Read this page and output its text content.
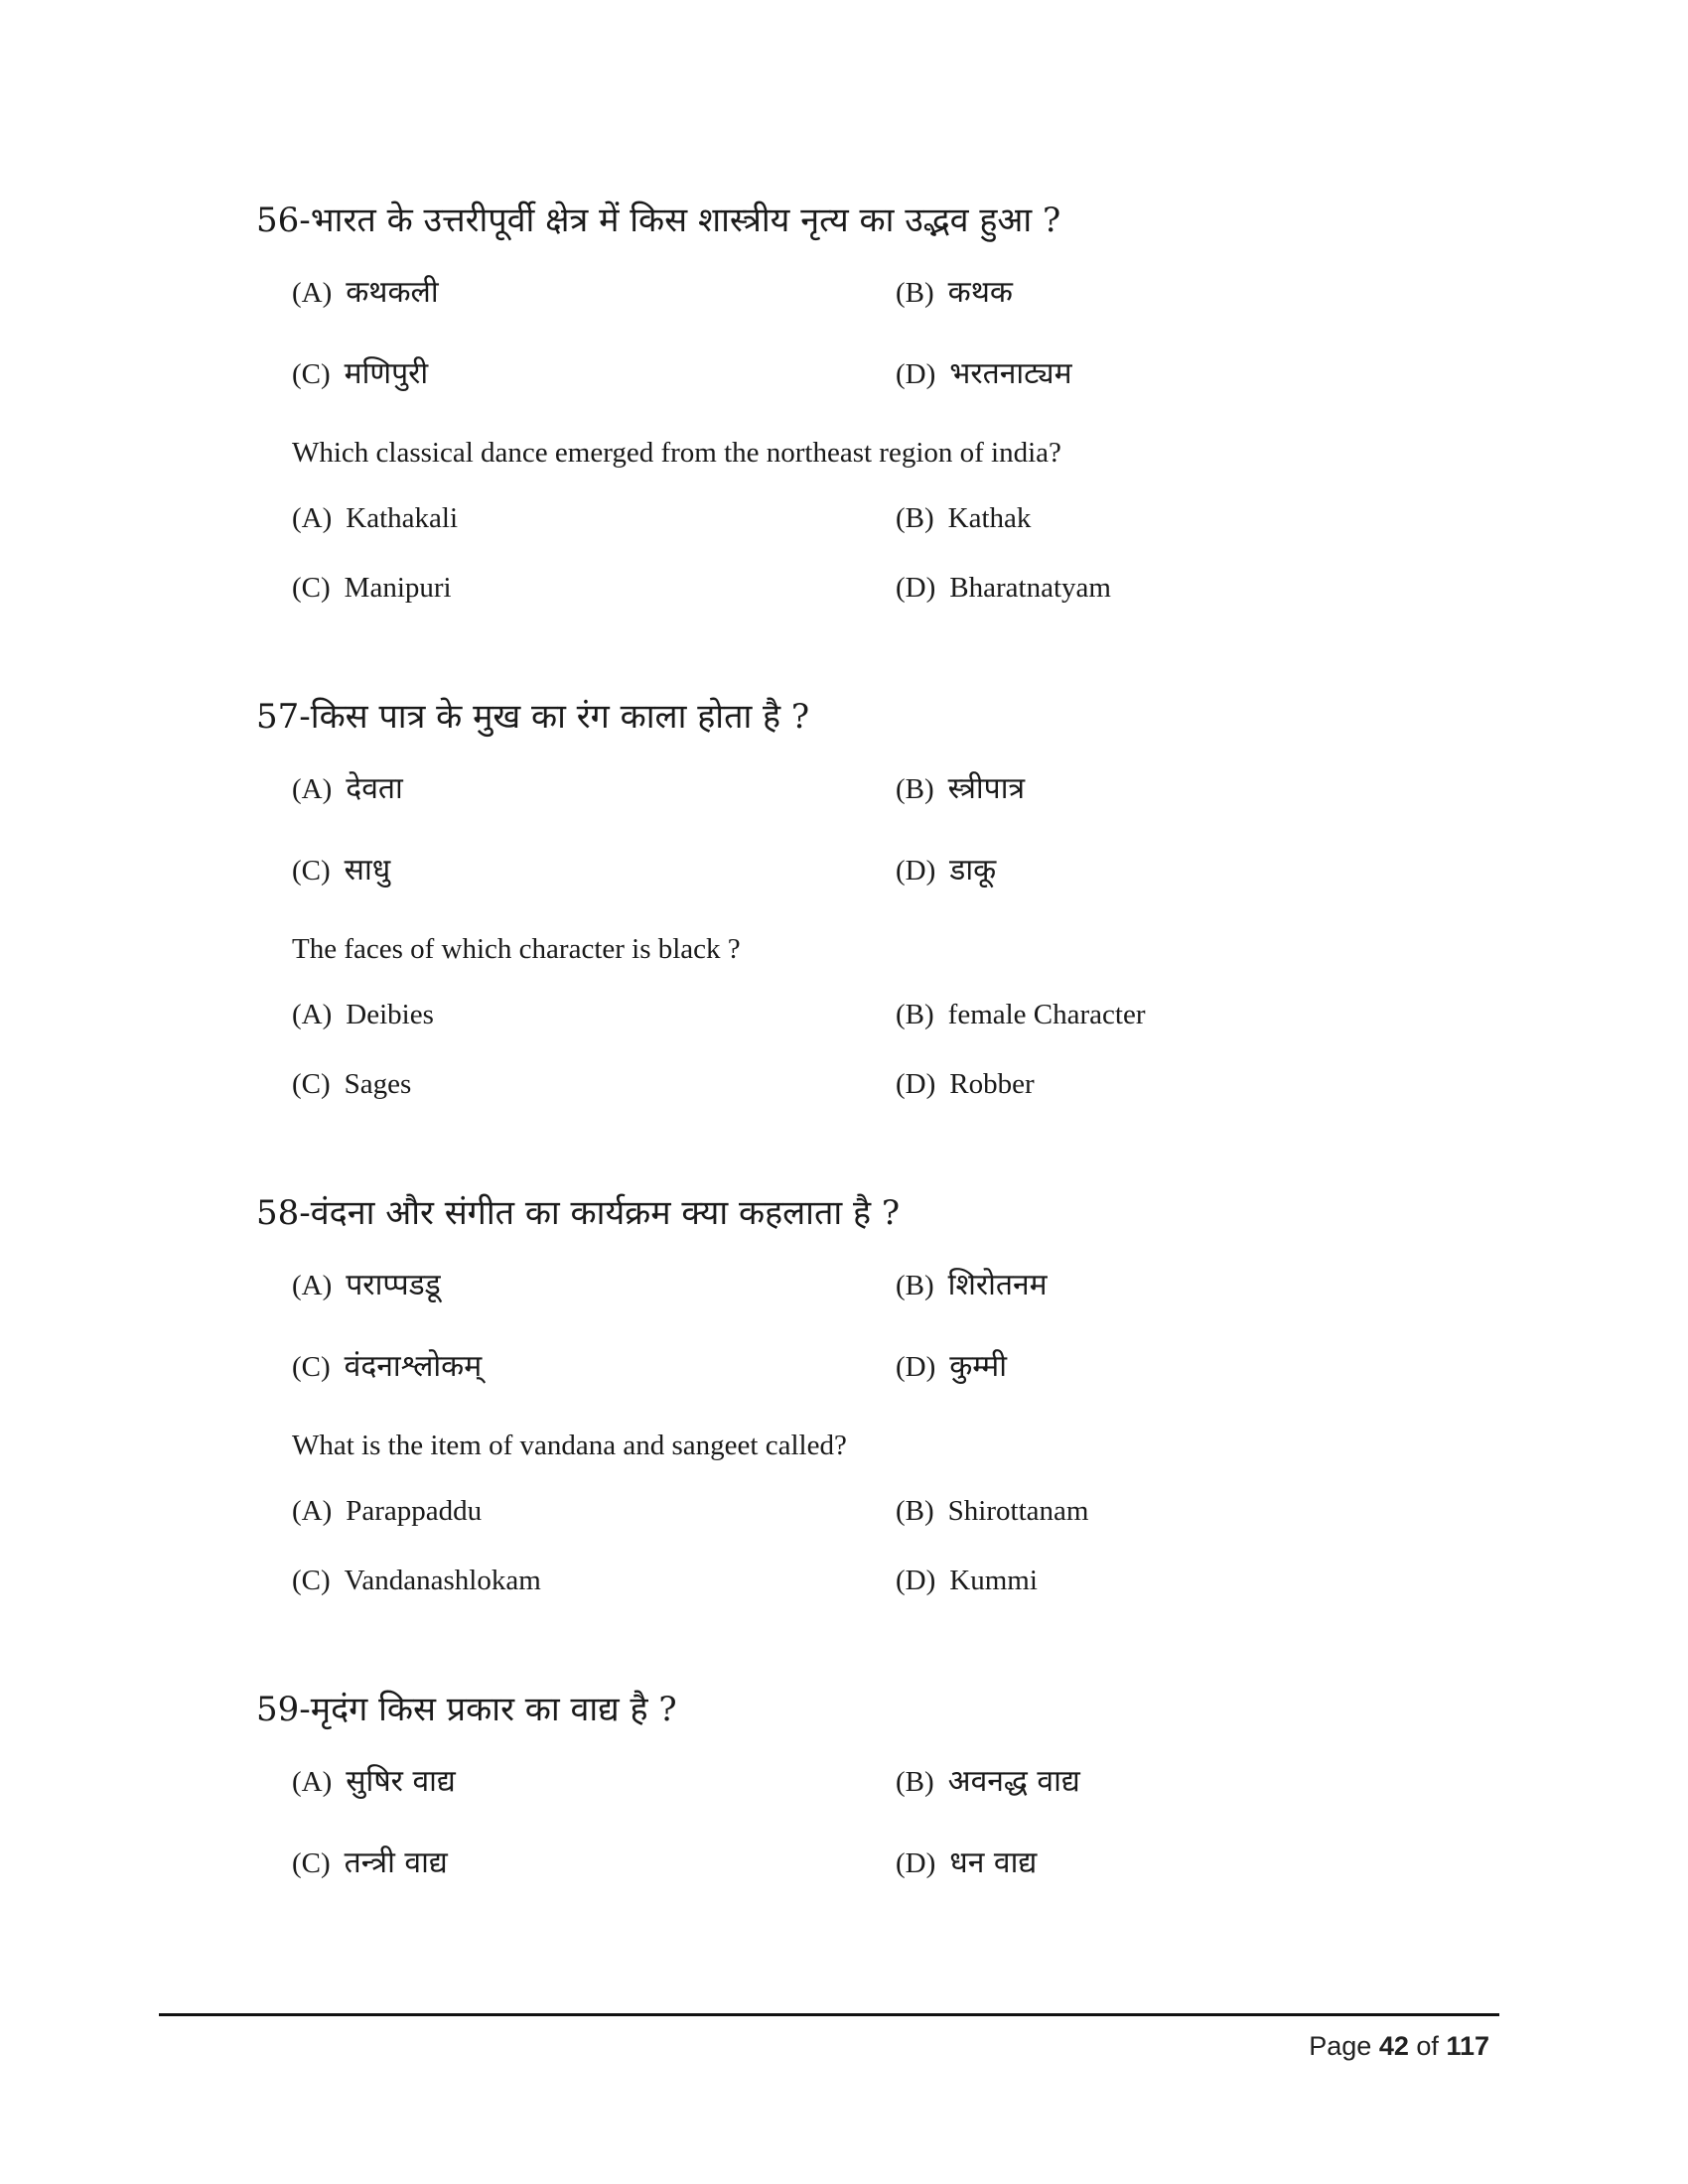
56-भारत के उत्तरीपूर्वी क्षेत्र में किस शास्त्रीय नृत्य का उद्भव हुआ ?

(A) कथकली	(B) कथक
(C) मणिपुरी	(D) भरतनाट्यम
Which classical dance emerged from the northeast region of india?
(A) Kathakali	(B) Kathak
(C) Manipuri	(D) Bharatnatyam

57-किस पात्र के मुख का रंग काला होता है ?

(A) देवता	(B) स्त्रीपात्र
(C) साधु	(D) डाकू
The faces of which character is black ?
(A) Deibies	(B) female Character
(C) Sages	(D) Robber

58-वंदना और संगीत का कार्यक्रम क्या कहलाता है ?

(A) पराप्पडडू	(B) शिरोतनम
(C) वंदनाश्लोकम्	(D) कुम्मी
What is the item of vandana and sangeet called?
(A) Parappaddu	(B) Shirottanam
(C) Vandanashlokam	(D) Kummi

59-मृदंग किस प्रकार का वाद्य है ?

(A) सुषिर वाद्य	(B) अवनद्ध वाद्य
(C) तन्त्री वाद्य	(D) धन वाद्य
Page 42 of 117
